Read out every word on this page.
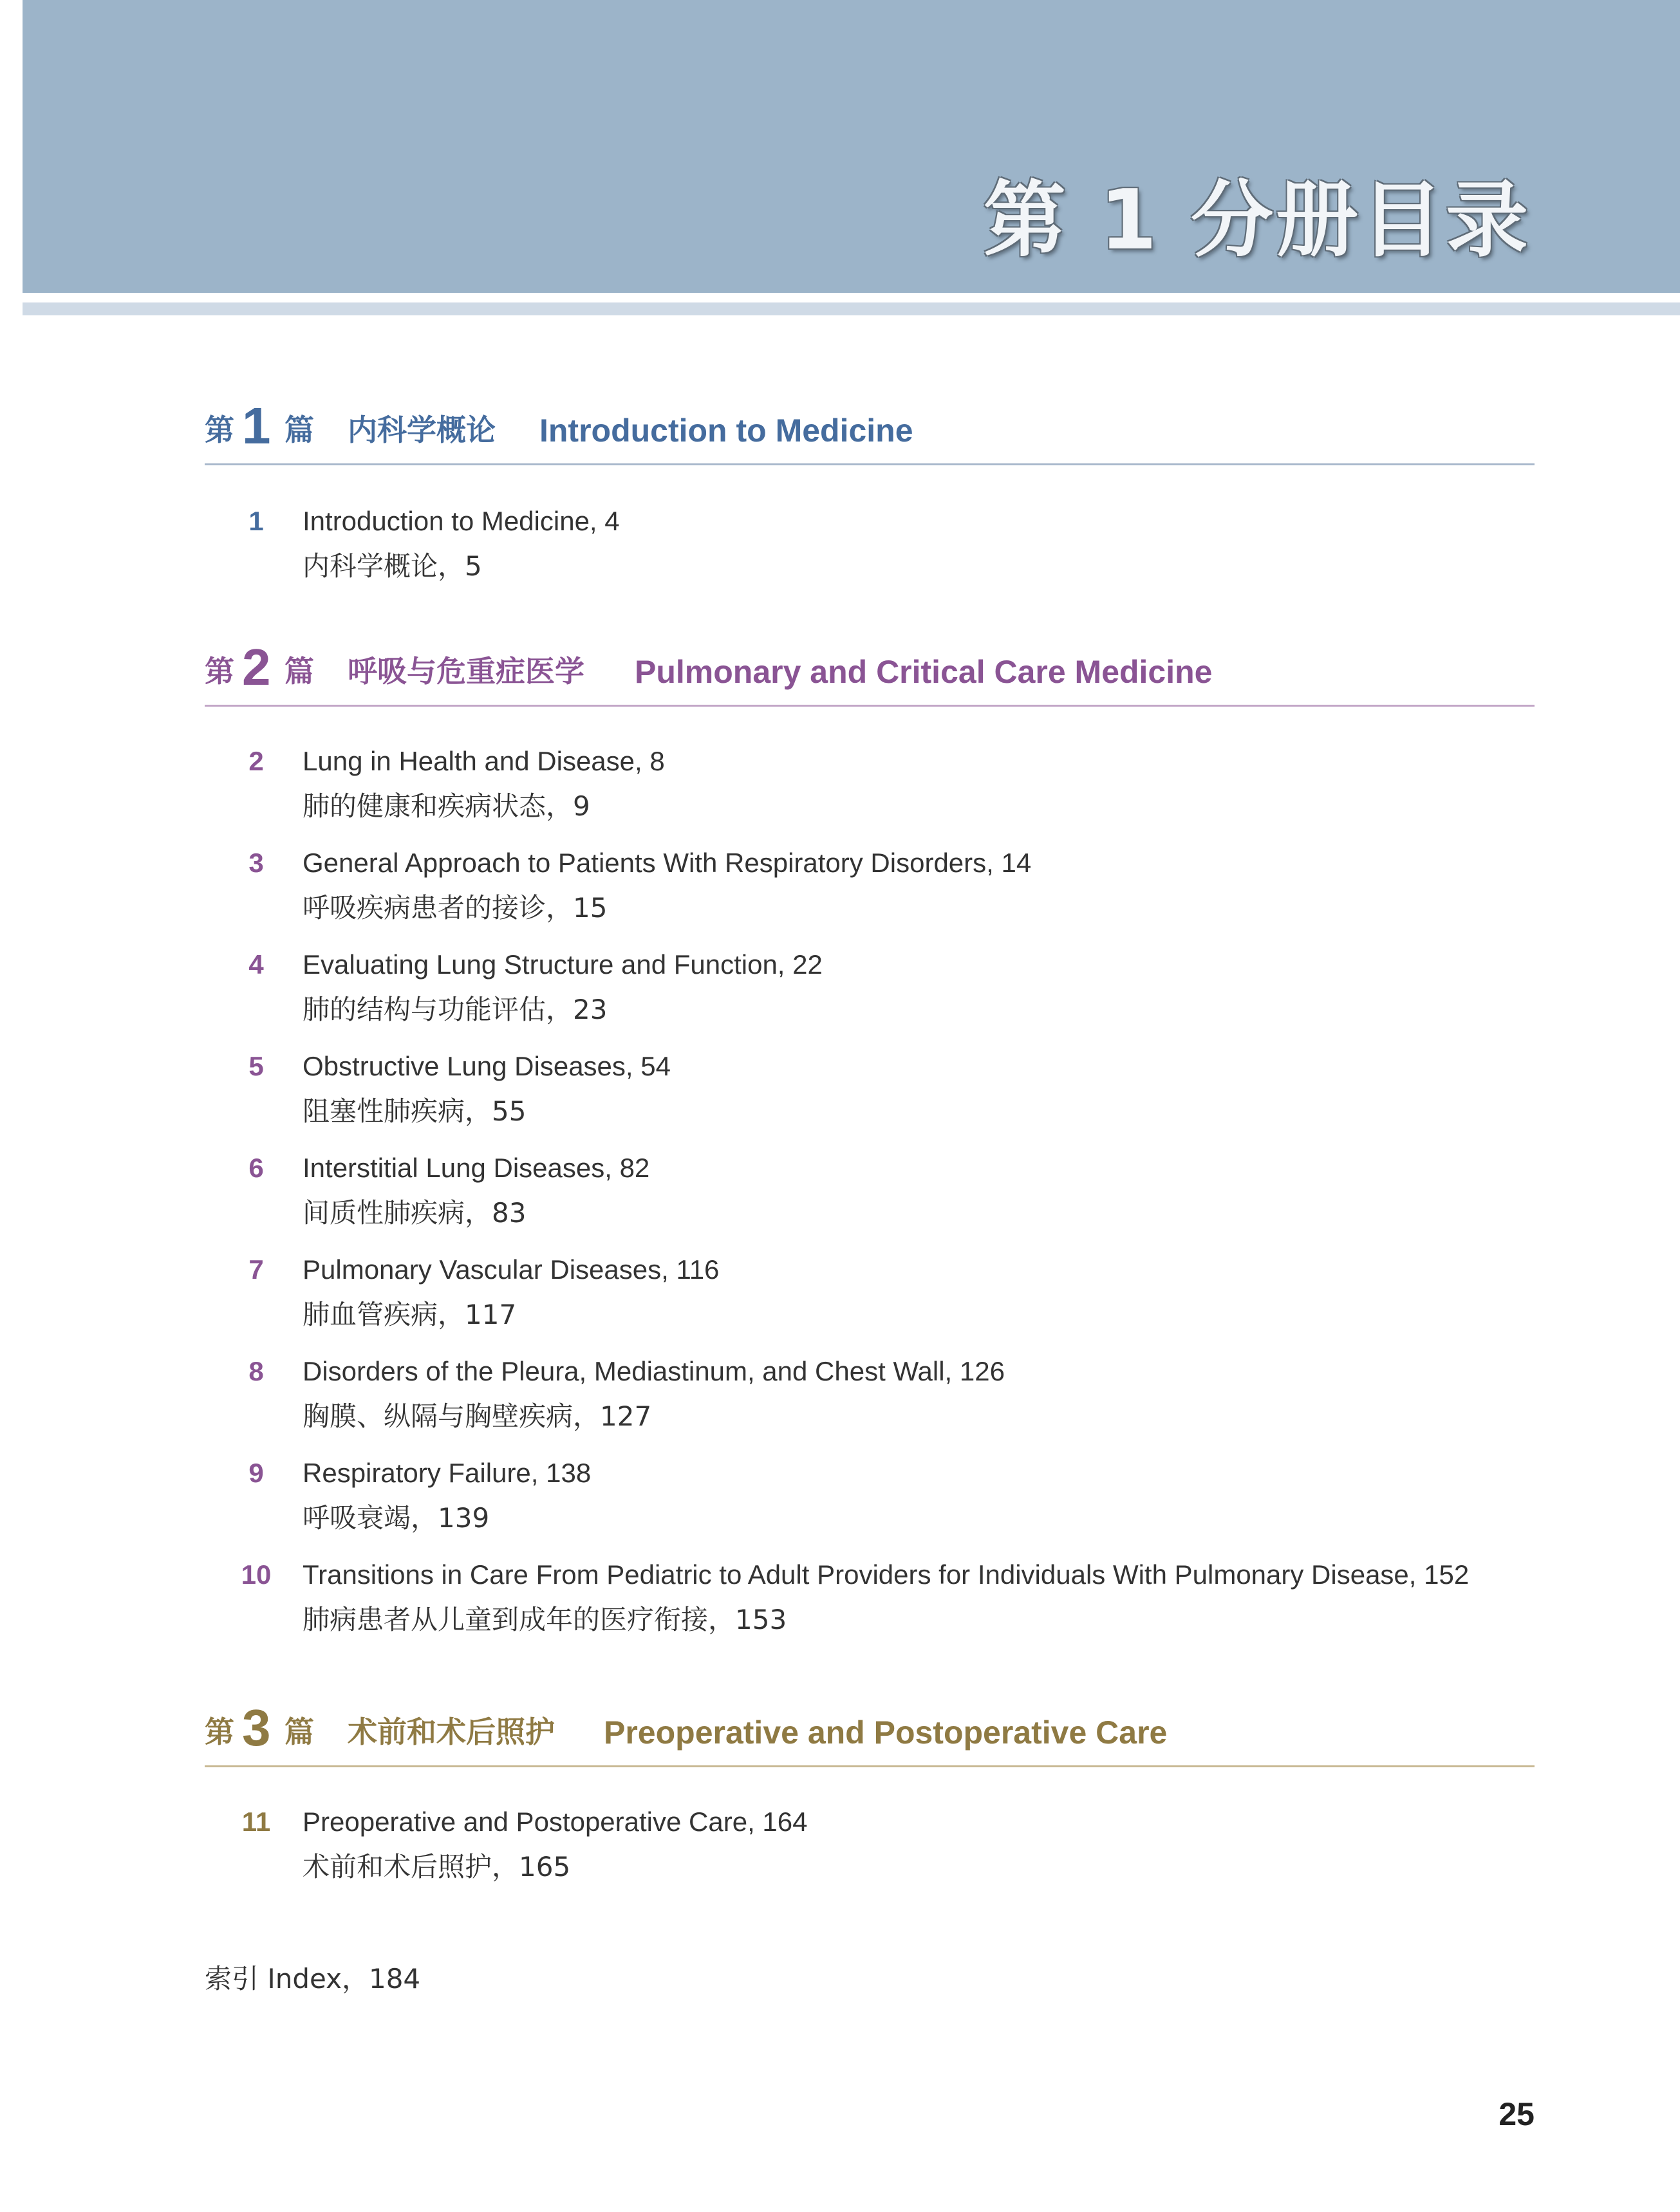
第 1 分册目录
第 1 篇 内科学概论 Introduction to Medicine
1	Introduction to Medicine, 4
内科学概论，5
第 2 篇 呼吸与危重症医学 Pulmonary and Critical Care Medicine
2	Lung in Health and Disease, 8
肺的健康和疾病状态，9
3	General Approach to Patients With Respiratory Disorders, 14
呼吸疾病患者的接诊，15
4	Evaluating Lung Structure and Function, 22
肺的结构与功能评估，23
5	Obstructive Lung Diseases, 54
阻塞性肺疾病，55
6	Interstitial Lung Diseases, 82
间质性肺疾病，83
7	Pulmonary Vascular Diseases, 116
肺血管疾病，117
8	Disorders of the Pleura, Mediastinum, and Chest Wall, 126
胸膜、纵隔与胸壁疾病，127
9	Respiratory Failure, 138
呼吸衰竭，139
10	Transitions in Care From Pediatric to Adult Providers for Individuals With Pulmonary Disease, 152
肺病患者从儿童到成年的医疗衔接，153
第 3 篇 术前和术后照护 Preoperative and Postoperative Care
11	Preoperative and Postoperative Care, 164
术前和术后照护，165
索引 Index，184
25
